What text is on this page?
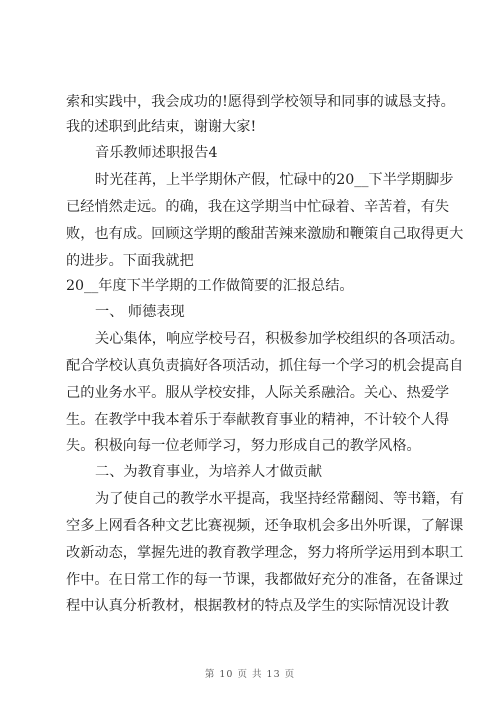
索和实践中，我会成功的!愿得到学校领导和同事的诚恳支持。
我的述职到此结束，谢谢大家!
音乐教师述职报告4
时光荏苒，上半学期休产假，忙碌中的20__下半学期脚步
已经悄然走远。的确，我在这学期当中忙碌着、辛苦着，有失
败，也有成。回顾这学期的酸甜苦辣来激励和鞭策自己取得更大
的进步。下面我就把
20__年度下半学期的工作做简要的汇报总结。
一、 师德表现
关心集体，响应学校号召，积极参加学校组织的各项活动。
配合学校认真负责搞好各项活动，抓住每一个学习的机会提高自
己的业务水平。服从学校安排，人际关系融洽。关心、热爱学
生。在教学中我本着乐于奉献教育事业的精神，不计较个人得
失。积极向每一位老师学习，努力形成自己的教学风格。
二、为教育事业，为培养人才做贡献
为了使自己的教学水平提高，我坚持经常翻阅、等书籍，有
空多上网看各种文艺比赛视频，还争取机会多出外听课，了解课
改新动态，掌握先进的教育教学理念，努力将所学运用到本职工
作中。在日常工作的每一节课，我都做好充分的准备，在备课过
程中认真分析教材，根据教材的特点及学生的实际情况设计教
第 10 页 共 13 页
